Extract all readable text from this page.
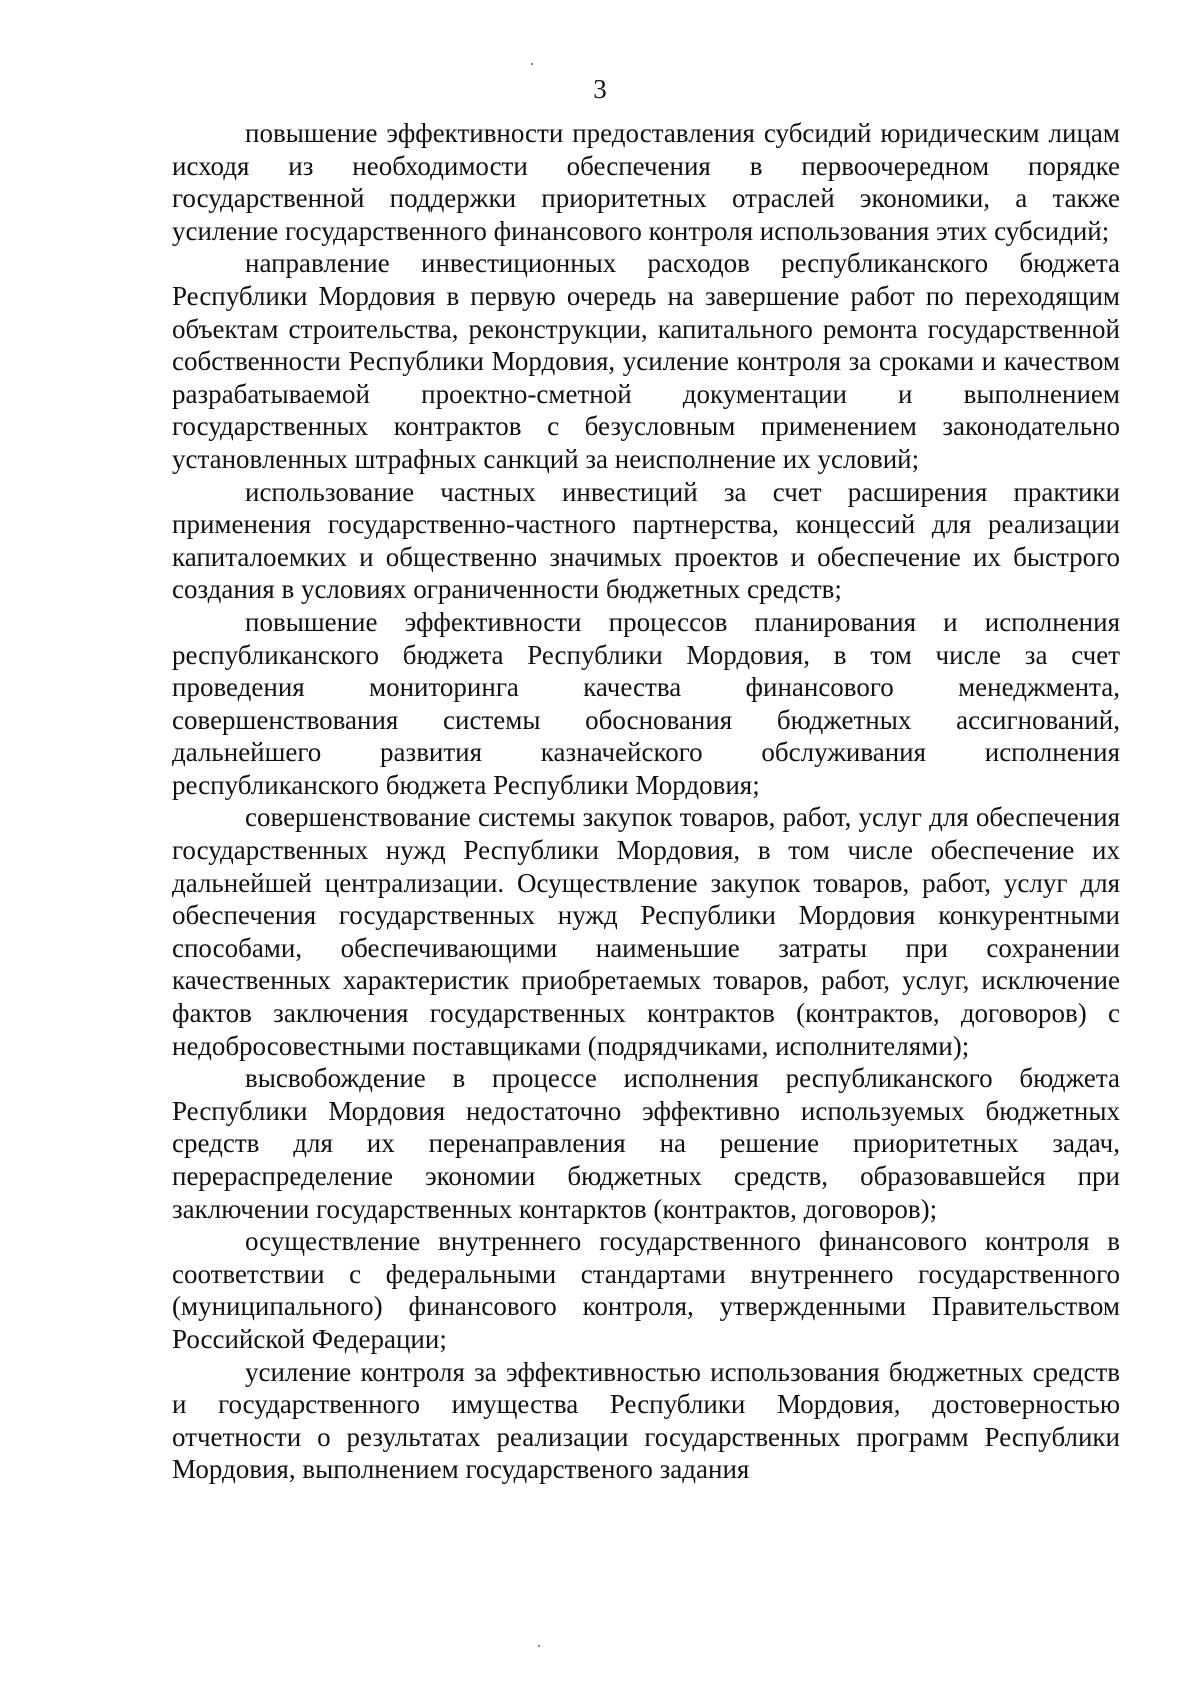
3

повышение эффективности предоставления субсидий юридическим лицам исходя из необходимости обеспечения в первоочередном порядке государственной поддержки приоритетных отраслей экономики, а также усиление государственного финансового контроля использования этих субсидий;

направление инвестиционных расходов республиканского бюджета Республики Мордовия в первую очередь на завершение работ по переходящим объектам строительства, реконструкции, капитального ремонта государственной собственности Республики Мордовия, усиление контроля за сроками и качеством разрабатываемой проектно-сметной документации и выполнением государственных контрактов с безусловным применением законодательно установленных штрафных санкций за неисполнение их условий;

использование частных инвестиций за счет расширения практики применения государственно-частного партнерства, концессий для реализации капиталоемких и общественно значимых проектов и обеспечение их быстрого создания в условиях ограниченности бюджетных средств;

повышение эффективности процессов планирования и исполнения республиканского бюджета Республики Мордовия, в том числе за счет проведения мониторинга качества финансового менеджмента, совершенствования системы обоснования бюджетных ассигнований, дальнейшего развития казначейского обслуживания исполнения республиканского бюджета Республики Мордовия;

совершенствование системы закупок товаров, работ, услуг для обеспечения государственных нужд Республики Мордовия, в том числе обеспечение их дальнейшей централизации. Осуществление закупок товаров, работ, услуг для обеспечения государственных нужд Республики Мордовия конкурентными способами, обеспечивающими наименьшие затраты при сохранении качественных характеристик приобретаемых товаров, работ, услуг, исключение фактов заключения государственных контрактов (контрактов, договоров) с недобросовестными поставщиками (подрядчиками, исполнителями);

высвобождение в процессе исполнения республиканского бюджета Республики Мордовия недостаточно эффективно используемых бюджетных средств для их перенаправления на решение приоритетных задач, перераспределение экономии бюджетных средств, образовавшейся при заключении государственных контарктов (контрактов, договоров);

осуществление внутреннего государственного финансового контроля в соответствии с федеральными стандартами внутреннего государственного (муниципального) финансового контроля, утвержденными Правительством Российской Федерации;

усиление контроля за эффективностью использования бюджетных средств и государственного имущества Республики Мордовия, достоверностью отчетности о результатах реализации государственных программ Республики Мордовия, выполнением государственого задания
